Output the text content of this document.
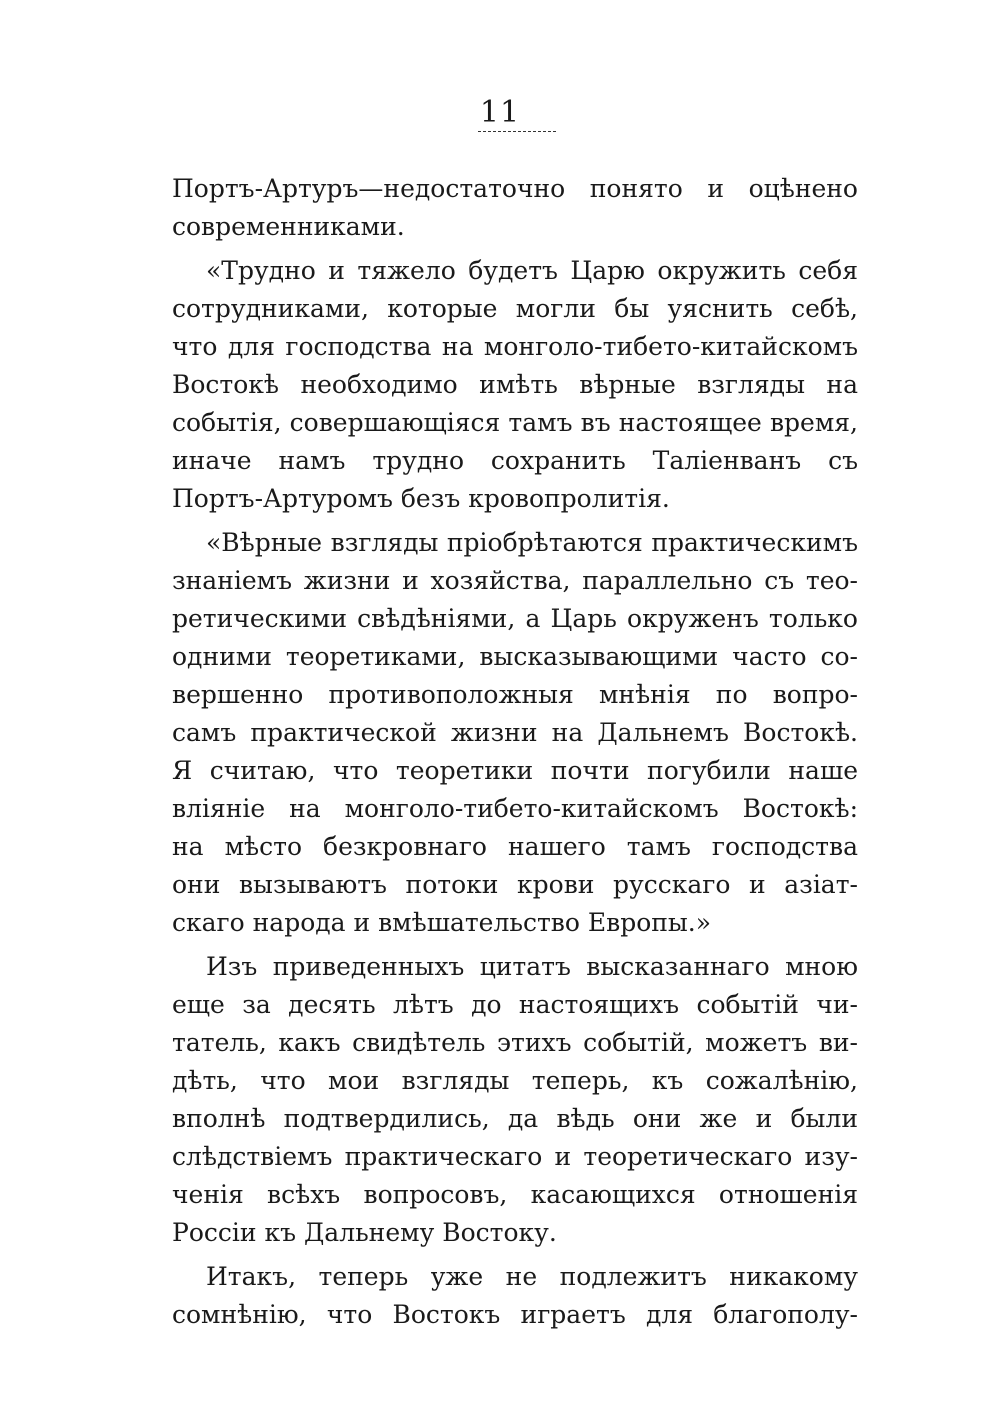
11
Портъ-Артуръ—недостаточно понято и оцѣнено
современниками.
«Трудно и тяжело будетъ Царю окружить себя
сотрудниками, которые могли бы уяснить себѣ,
что для господства на монголо-тибето-китайскомъ
Востокѣ необходимо имѣть вѣрные взгляды на
событія, совершающіяся тамъ въ настоящее время,
иначе намъ трудно сохранить Таліенванъ съ
Портъ-Артуромъ безъ кровопролитія.
«Вѣрные взгляды пріобрѣтаются практическимъ
знаніемъ жизни и хозяйства, параллельно съ тео-
ретическими свѣдѣніями, а Царь окруженъ только
одними теоретиками, высказывающими часто со-
вершенно противоположныя мнѣнія по вопро-
самъ практической жизни на Дальнемъ Востокѣ.
Я считаю, что теоретики почти погубили наше
вліяніе на монголо-тибето-китайскомъ Востокѣ:
на мѣсто безкровнаго нашего тамъ господства
они вызываютъ потоки крови русскаго и азіат-
скаго народа и вмѣшательство Европы.»
Изъ приведенныхъ цитатъ высказаннаго мною
еще за десять лѣтъ до настоящихъ событій чи-
татель, какъ свидѣтель этихъ событій, можетъ ви-
дѣть, что мои взгляды теперь, къ сожалѣнію,
вполнѣ подтвердились, да вѣдь они же и были
слѣдствіемъ практическаго и теоретическаго изу-
ченія всѣхъ вопросовъ, касающихся отношенія
Россіи къ Дальнему Востоку.
Итакъ, теперь уже не подлежитъ никакому
сомнѣнію, что Востокъ играетъ для благополу-
